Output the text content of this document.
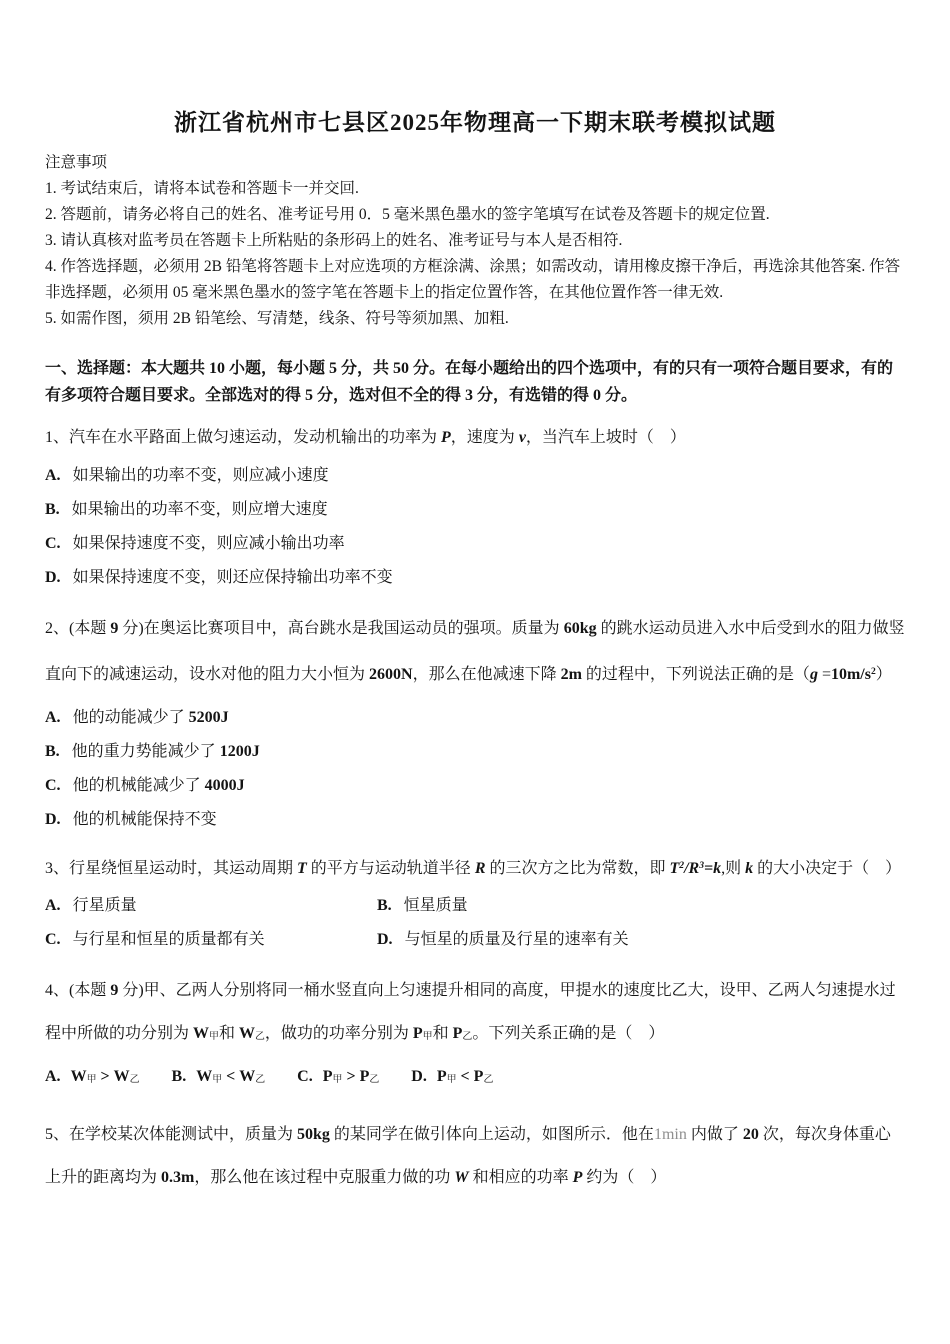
浙江省杭州市七县区2025年物理高一下期末联考模拟试题

注意事项

1. 考试结束后，请将本试卷和答题卡一并交回.

2. 答题前，请务必将自己的姓名、准考证号用 0．5 毫米黑色墨水的签字笔填写在试卷及答题卡的规定位置.

3. 请认真核对监考员在答题卡上所粘贴的条形码上的姓名、准考证号与本人是否相符.

4. 作答选择题，必须用 2B 铅笔将答题卡上对应选项的方框涂满、涂黑；如需改动，请用橡皮擦干净后，再选涂其他答案. 作答非选择题，必须用 05 毫米黑色墨水的签字笔在答题卡上的指定位置作答，在其他位置作答一律无效.

5. 如需作图，须用 2B 铅笔绘、写清楚，线条、符号等须加黑、加粗.

一、选择题：本大题共 10 小题，每小题 5 分，共 50 分。在每小题给出的四个选项中，有的只有一项符合题目要求，有的有多项符合题目要求。全部选对的得 5 分，选对但不全的得 3 分，有选错的得 0 分。

1、汽车在水平路面上做匀速运动，发动机输出的功率为 P，速度为 v，当汽车上坡时（　）

A. 如果输出的功率不变，则应减小速度

B. 如果输出的功率不变，则应增大速度

C. 如果保持速度不变，则应减小输出功率

D. 如果保持速度不变，则还应保持输出功率不变

2、(本题 9 分)在奥运比赛项目中，高台跳水是我国运动员的强项。质量为 60kg 的跳水运动员进入水中后受到水的阻力做竖直向下的减速运动，设水对他的阻力大小恒为 2600N，那么在他减速下降 2m 的过程中，下列说法正确的是$(g =10m/s^2)$

A. 他的动能减少了 5200J

B. 他的重力势能减少了 1200J

C. 他的机械能减少了 4000J

D. 他的机械能保持不变

3、行星绕恒星运动时，其运动周期 T 的平方与运动轨道半径 R 的三次方之比为常数，即 $T^2/R^3=k$,则 k 的大小决定于（　）

A. 行星质量	B. 恒星质量

C. 与行星和恒星的质量都有关	D. 与恒星的质量及行星的速率有关

4、(本题 9 分)甲、乙两人分别将同一桶水竖直向上匀速提升相同的高度，甲提水的速度比乙大，设甲、乙两人匀速提水过程中所做的功分别为 W甲和 W乙，做功的功率分别为 P甲和 P乙。下列关系正确的是（　）

A. W甲 > W乙 B. W甲 < W乙 C. P甲 > P乙 D. P甲 < P乙

5、在学校某次体能测试中，质量为 50kg 的某同学在做引体向上运动，如图所示．他在1min 内做了 20 次，每次身体重心上升的距离均为 0.3m，那么他在该过程中克服重力做的功 W 和相应的功率 P 约为（　）
